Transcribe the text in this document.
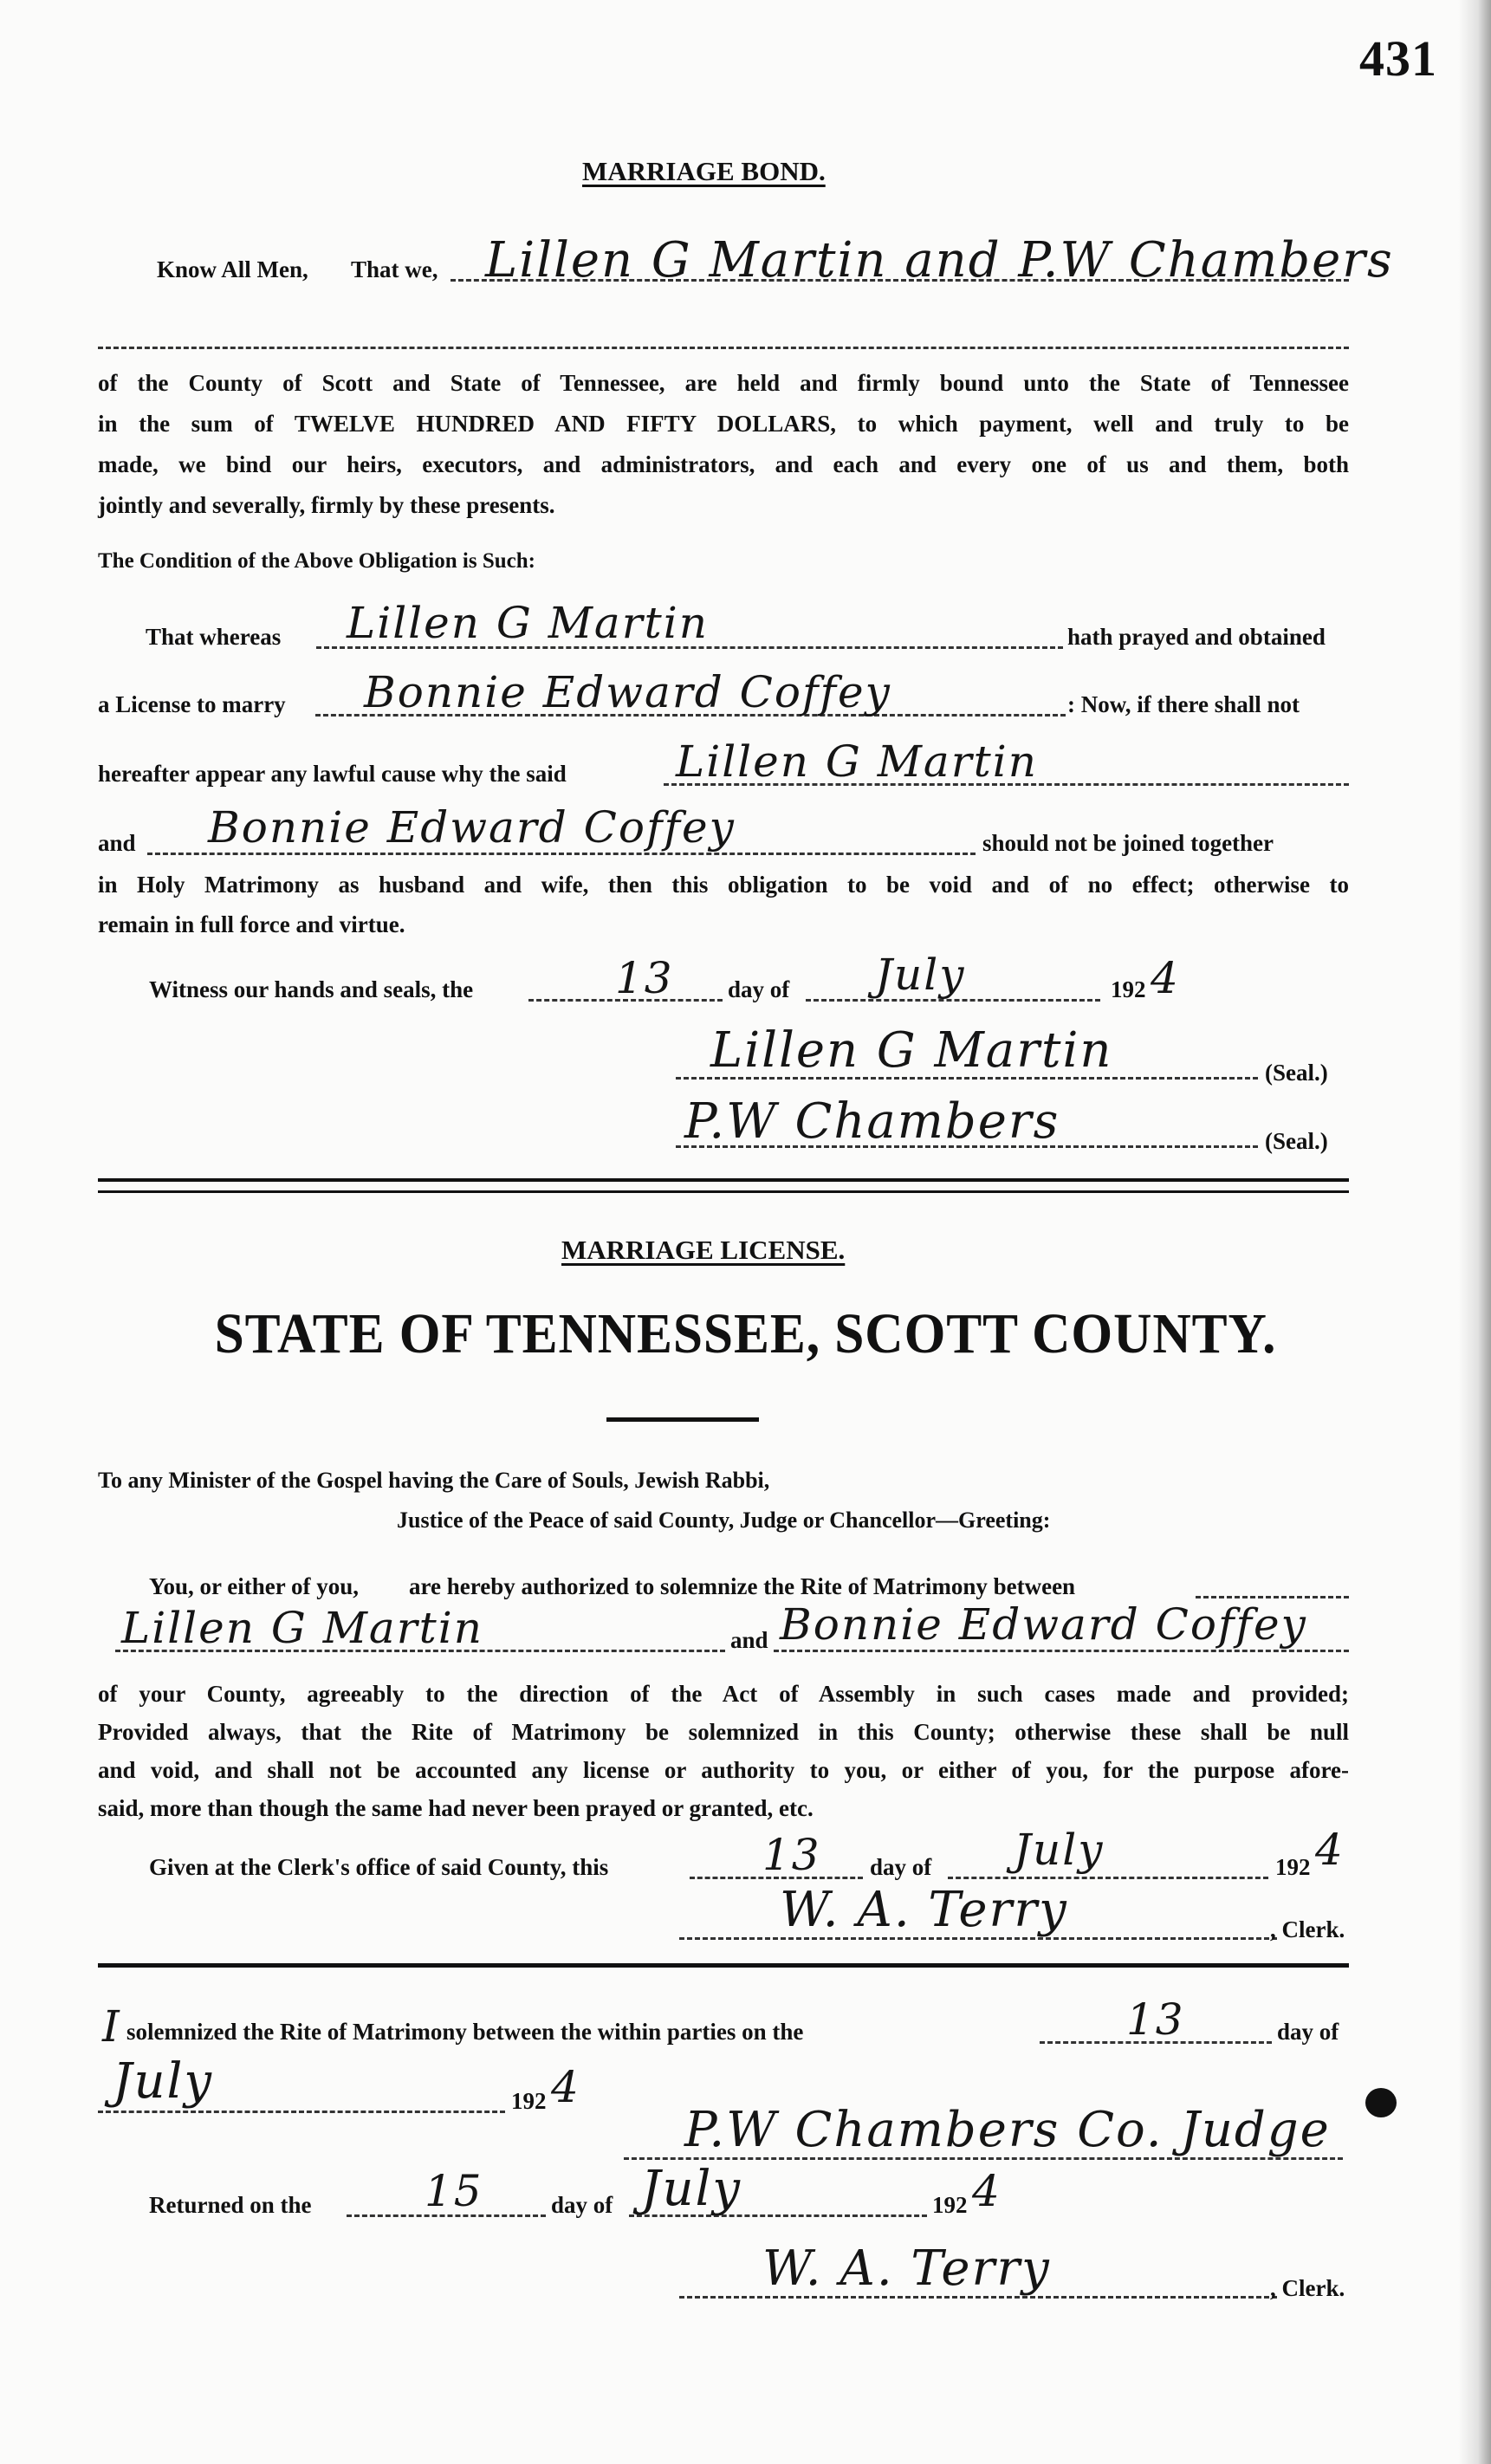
431
MARRIAGE BOND.
Know All Men, That we, Lillen G Martin and P.W Chambers
of the County of Scott and State of Tennessee, are held and firmly bound unto the State of Tennessee
in the sum of TWELVE HUNDRED AND FIFTY DOLLARS, to which payment, well and truly to be
made, we bind our heirs, executors, and administrators, and each and every one of us and them, both
jointly and severally, firmly by these presents.
The Condition of the Above Obligation is Such:
That whereas Lillen G Martin	hath prayed and obtained
a License to marry Bonnie Edward Coffey	: Now, if there shall not
hereafter appear any lawful cause why the said	Lillen G Martin
and Bonnie Edward Coffey	should not be joined together
in Holy Matrimony as husband and wife, then this obligation to be void and of no effect; otherwise to
remain in full force and virtue.
Witness our hands and seals, the	13 day of July	192 4
Lillen G Martin	(Seal.)
P.W Chambers	(Seal.)
MARRIAGE LICENSE.
STATE OF TENNESSEE, SCOTT COUNTY.
To any Minister of the Gospel having the Care of Souls, Jewish Rabbi,
Justice of the Peace of said County, Judge or Chancellor—Greeting:
You, or either of you, are hereby authorized to solemnize the Rite of Matrimony between
Lillen G Martin	and Bonnie Edward Coffey
of your County, agreeably to the direction of the Act of Assembly in such cases made and provided;
Provided always, that the Rite of Matrimony be solemnized in this County; otherwise these shall be null
and void, and shall not be accounted any license or authority to you, or either of you, for the purpose afore-
said, more than though the same had never been prayed or granted, etc.
Given at the Clerk's office of said County, this	13 day of July	192 4
W. A. Terry	, Clerk.
I solemnized the Rite of Matrimony between the within parties on the	13	day of
July	192 4
P.W Chambers Co. Judge
Returned on the	15	day of July	192 4
W. A. Terry	, Clerk.
